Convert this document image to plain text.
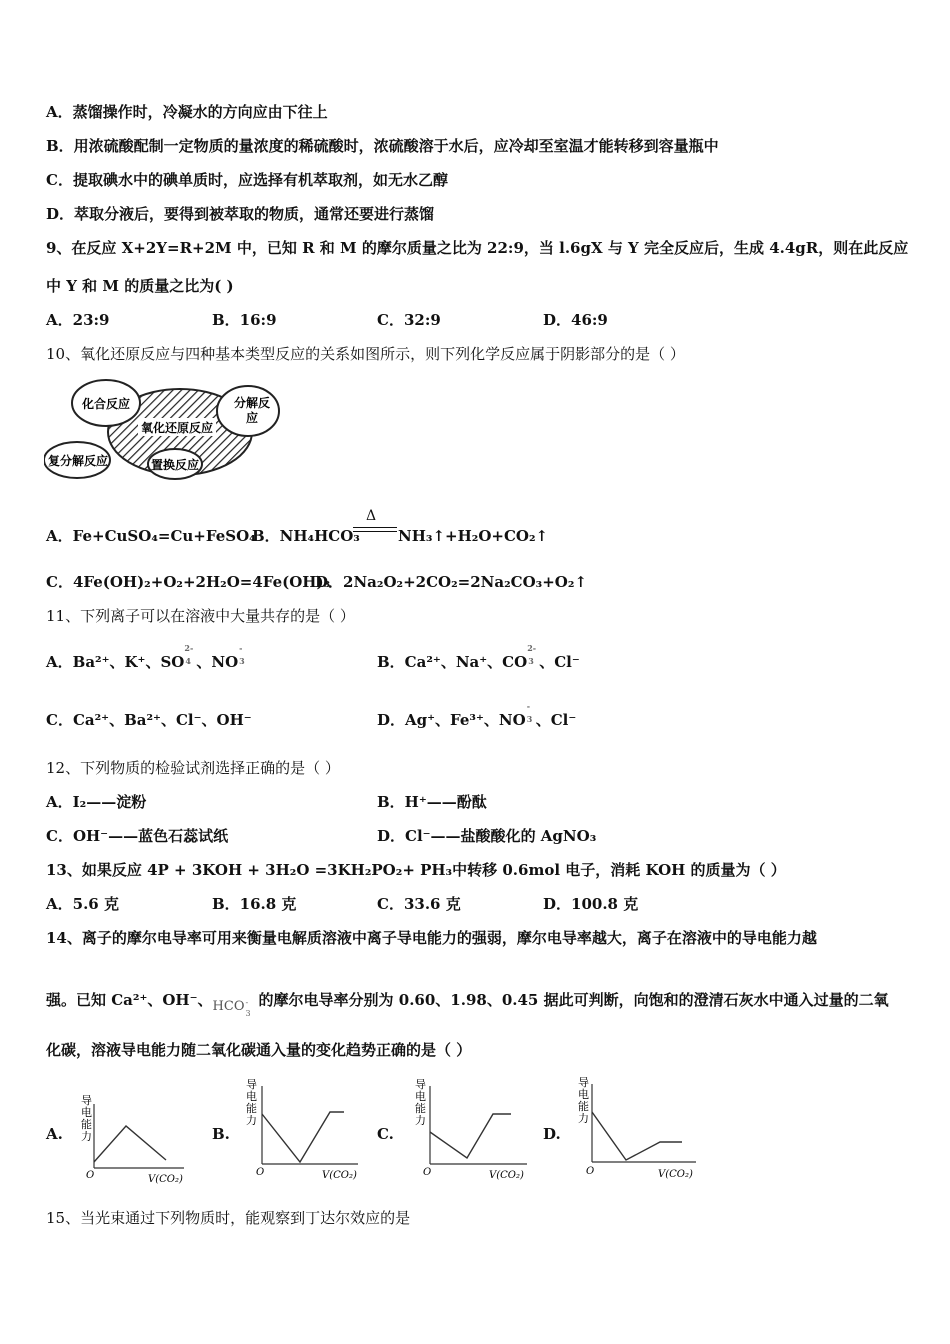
A．蒸馏操作时，冷凝水的方向应由下往上
B．用浓硫酸配制一定物质的量浓度的稀硫酸时，浓硫酸溶于水后，应冷却至室温才能转移到容量瓶中
C．提取碘水中的碘单质时，应选择有机萃取剂，如无水乙醇
D．萃取分液后，要得到被萃取的物质，通常还要进行蒸馏
9、在反应 X+2Y=R+2M 中，已知 R 和 M 的摩尔质量之比为 22:9，当 l.6gX 与 Y 完全反应后，生成 4.4gR，则在此反应
中 Y 和 M 的质量之比为( )
A．23:9	B．16:9	C．32:9	D．46:9
10、氧化还原反应与四种基本类型反应的关系如图所示，则下列化学反应属于阴影部分的是（ ）
化合反应	分解反
应
氧化还原反应
复分解反应	置换反应
A．Fe+CuSO₄=Cu+FeSO₄
B．NH₄HCO₃
Δ
NH₃↑+H₂O+CO₂↑
C．4Fe(OH)₂+O₂+2H₂O=4Fe(OH)₃
D．2Na₂O₂+2CO₂=2Na₂CO₃+O₂↑
11、下列离子可以在溶液中大量共存的是（ ）
A．Ba²⁺、K⁺、SO
2-
4 、NO
-
3	B．Ca²⁺、Na⁺、CO
2-
3 、Cl⁻
C．Ca²⁺、Ba²⁺、Cl⁻、OH⁻	D．Ag⁺、Fe³⁺、NO
-
3 、Cl⁻
12、下列物质的检验试剂选择正确的是（ ）
A．I₂——淀粉	B．H⁺——酚酞
C．OH⁻——蓝色石蕊试纸	D．Cl⁻——盐酸酸化的 AgNO₃
13、如果反应 4P + 3KOH + 3H₂O =3KH₂PO₂+ PH₃中转移 0.6mol 电子，消耗 KOH 的质量为（ ）
A．5.6 克	B．16.8 克	C．33.6 克	D．100.8 克
14、离子的摩尔电导率可用来衡量电解质溶液中离子导电能力的强弱，摩尔电导率越大，离子在溶液中的导电能力越
强。已知 Ca²⁺、OH⁻、 HCO -
3
的摩尔电导率分别为 0.60、1.98、0.45 据此可判断，向饱和的澄清石灰水中通入过量的二氧
化碳，溶液导电能力随二氧化碳通入量的变化趋势正确的是（ ）
A.
导
电
能
力
O	V(CO₂)
B.
导
电
能
力
O	V(CO₂)
C.
导
电
能
力
O	V(CO₂)
D.
导
电
能
力
O	V(CO₂)
15、当光束通过下列物质时，能观察到丁达尔效应的是
